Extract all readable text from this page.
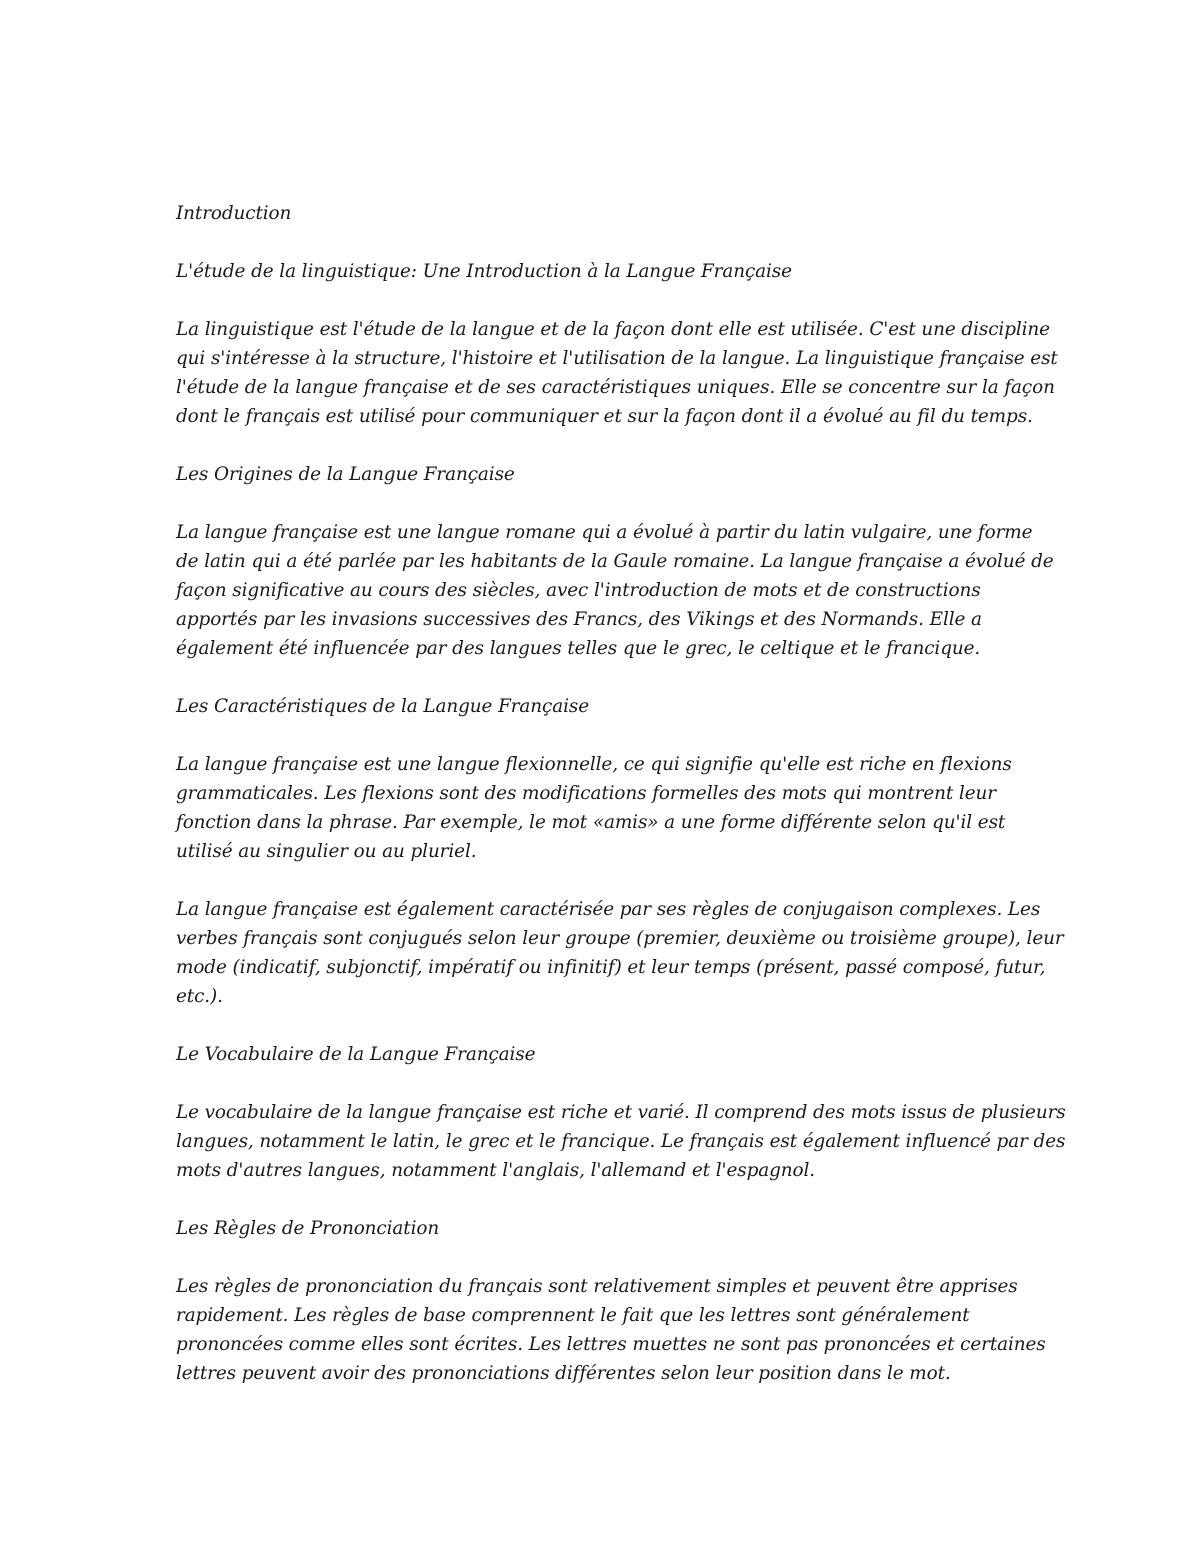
Introduction
L'étude de la linguistique: Une Introduction à la Langue Française
La linguistique est l'étude de la langue et de la façon dont elle est utilisée. C'est une discipline
qui s'intéresse à la structure, l'histoire et l'utilisation de la langue. La linguistique française est
l'étude de la langue française et de ses caractéristiques uniques. Elle se concentre sur la façon
dont le français est utilisé pour communiquer et sur la façon dont il a évolué au fil du temps.
Les Origines de la Langue Française
La langue française est une langue romane qui a évolué à partir du latin vulgaire, une forme
de latin qui a été parlée par les habitants de la Gaule romaine. La langue française a évolué de
façon significative au cours des siècles, avec l'introduction de mots et de constructions
apportés par les invasions successives des Francs, des Vikings et des Normands. Elle a
également été influencée par des langues telles que le grec, le celtique et le francique.
Les Caractéristiques de la Langue Française
La langue française est une langue flexionnelle, ce qui signifie qu'elle est riche en flexions
grammaticales. Les flexions sont des modifications formelles des mots qui montrent leur
fonction dans la phrase. Par exemple, le mot «amis» a une forme différente selon qu'il est
utilisé au singulier ou au pluriel.
La langue française est également caractérisée par ses règles de conjugaison complexes. Les
verbes français sont conjugués selon leur groupe (premier, deuxième ou troisième groupe), leur
mode (indicatif, subjonctif, impératif ou infinitif) et leur temps (présent, passé composé, futur,
etc.).
Le Vocabulaire de la Langue Française
Le vocabulaire de la langue française est riche et varié. Il comprend des mots issus de plusieurs
langues, notamment le latin, le grec et le francique. Le français est également influencé par des
mots d'autres langues, notamment l'anglais, l'allemand et l'espagnol.
Les Règles de Prononciation
Les règles de prononciation du français sont relativement simples et peuvent être apprises
rapidement. Les règles de base comprennent le fait que les lettres sont généralement
prononcées comme elles sont écrites. Les lettres muettes ne sont pas prononcées et certaines
lettres peuvent avoir des prononciations différentes selon leur position dans le mot.
